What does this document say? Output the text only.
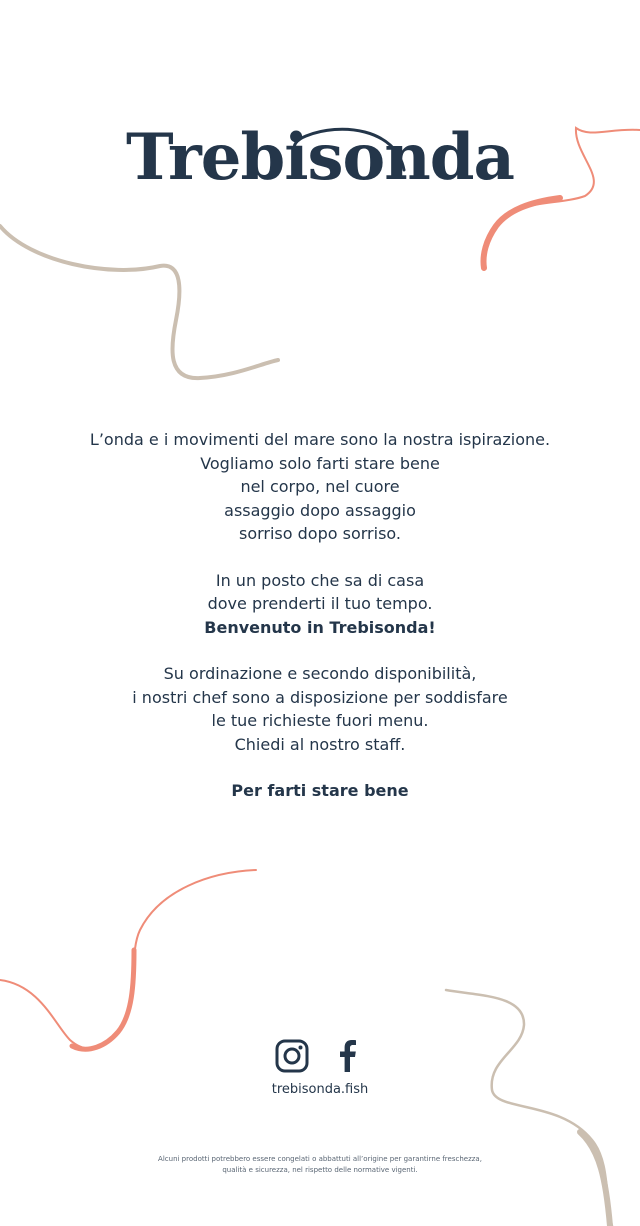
Trebisonda
L’onda e i movimenti del mare sono la nostra ispirazione.
Vogliamo solo farti stare bene
nel corpo, nel cuore
assaggio dopo assaggio
sorriso dopo sorriso.
In un posto che sa di casa
dove prenderti il tuo tempo.
Benvenuto in Trebisonda!
Su ordinazione e secondo disponibilità,
i nostri chef sono a disposizione per soddisfare
le tue richieste fuori menu.
Chiedi al nostro staff.
Per farti stare bene
trebisonda.fish
Alcuni prodotti potrebbero essere congelati o abbattuti all’origine per garantirne freschezza,
qualità e sicurezza, nel rispetto delle normative vigenti.
